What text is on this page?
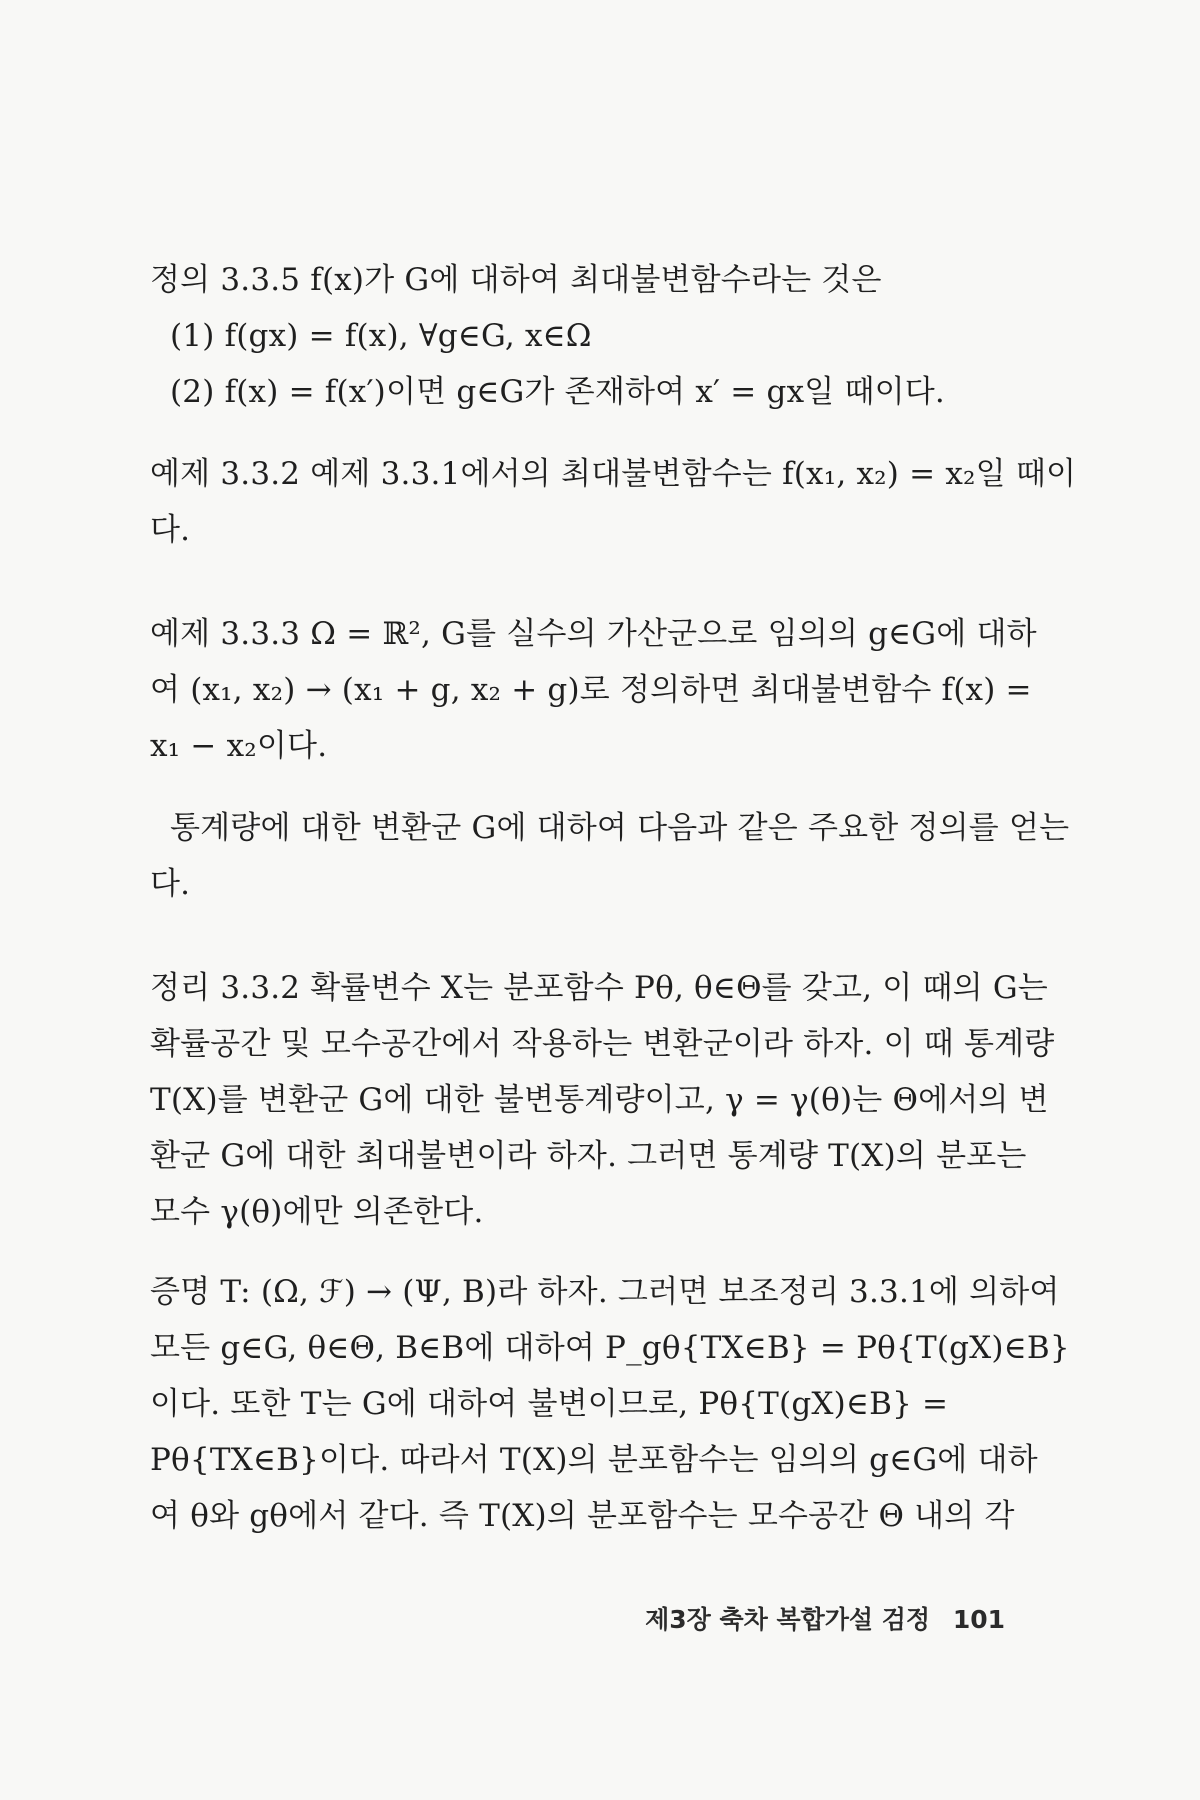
정의 3.3.5 f(x)가 G에 대하여 최대불변함수라는 것은
(1) f(gx) = f(x), ∀g∈G, x∈Ω
(2) f(x) = f(x′)이면 g∈G가 존재하여 x′ = gx일 때이다.
예제 3.3.2 예제 3.3.1에서의 최대불변함수는 f(x₁, x₂) = x₂일 때이
다.
예제 3.3.3 Ω = ℝ², G를 실수의 가산군으로 임의의 g∈G에 대하
여 (x₁, x₂) → (x₁ + g, x₂ + g)로 정의하면 최대불변함수 f(x) =
x₁ − x₂이다.
통계량에 대한 변환군 G에 대하여 다음과 같은 주요한 정의를 얻는
다.
정리 3.3.2 확률변수 X는 분포함수 Pθ, θ∈Θ를 갖고, 이 때의 G는
확률공간 및 모수공간에서 작용하는 변환군이라 하자. 이 때 통계량
T(X)를 변환군 G에 대한 불변통계량이고, γ = γ(θ)는 Θ에서의 변
환군 G에 대한 최대불변이라 하자. 그러면 통계량 T(X)의 분포는
모수 γ(θ)에만 의존한다.
증명 T: (Ω, ℱ) → (Ψ, B)라 하자. 그러면 보조정리 3.3.1에 의하여
모든 g∈G, θ∈Θ, B∈B에 대하여 P_gθ{TX∈B} = Pθ{T(gX)∈B}
이다. 또한 T는 G에 대하여 불변이므로, Pθ{T(gX)∈B} =
Pθ{TX∈B}이다. 따라서 T(X)의 분포함수는 임의의 g∈G에 대하
여 θ와 gθ에서 같다. 즉 T(X)의 분포함수는 모수공간 Θ 내의 각
제3장 축차 복합가설 검정 101
